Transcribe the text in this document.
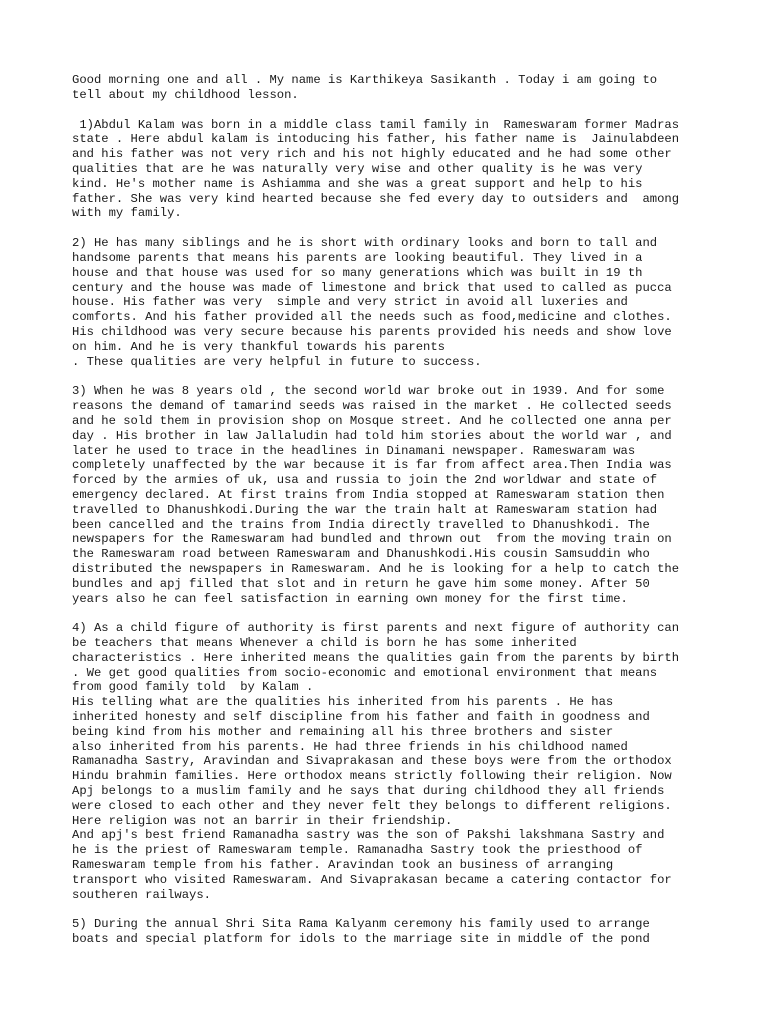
Good morning one and all . My name is Karthikeya Sasikanth . Today i am going to
tell about my childhood lesson.

1)Abdul Kalam was born in a middle class tamil family in  Rameswaram former Madras
state . Here abdul kalam is intoducing his father, his father name is  Jainulabdeen
and his father was not very rich and his not highly educated and he had some other
qualities that are he was naturally very wise and other quality is he was very
kind. He's mother name is Ashiamma and she was a great support and help to his
father. She was very kind hearted because she fed every day to outsiders and  among
with my family.

2) He has many siblings and he is short with ordinary looks and born to tall and
handsome parents that means his parents are looking beautiful. They lived in a
house and that house was used for so many generations which was built in 19 th
century and the house was made of limestone and brick that used to called as pucca
house. His father was very  simple and very strict in avoid all luxeries and
comforts. And his father provided all the needs such as food,medicine and clothes.
His childhood was very secure because his parents provided his needs and show love
on him. And he is very thankful towards his parents
. These qualities are very helpful in future to success.

3) When he was 8 years old , the second world war broke out in 1939. And for some
reasons the demand of tamarind seeds was raised in the market . He collected seeds
and he sold them in provision shop on Mosque street. And he collected one anna per
day . His brother in law Jallaludin had told him stories about the world war , and
later he used to trace in the headlines in Dinamani newspaper. Rameswaram was
completely unaffected by the war because it is far from affect area.Then India was
forced by the armies of uk, usa and russia to join the 2nd worldwar and state of
emergency declared. At first trains from India stopped at Rameswaram station then
travelled to Dhanushkodi.During the war the train halt at Rameswaram station had
been cancelled and the trains from India directly travelled to Dhanushkodi. The
newspapers for the Rameswaram had bundled and thrown out  from the moving train on
the Rameswaram road between Rameswaram and Dhanushkodi.His cousin Samsuddin who
distributed the newspapers in Rameswaram. And he is looking for a help to catch the
bundles and apj filled that slot and in return he gave him some money. After 50
years also he can feel satisfaction in earning own money for the first time.

4) As a child figure of authority is first parents and next figure of authority can
be teachers that means Whenever a child is born he has some inherited
characteristics . Here inherited means the qualities gain from the parents by birth
. We get good qualities from socio-economic and emotional environment that means
from good family told  by Kalam .
His telling what are the qualities his inherited from his parents . He has
inherited honesty and self discipline from his father and faith in goodness and
being kind from his mother and remaining all his three brothers and sister
also inherited from his parents. He had three friends in his childhood named
Ramanadha Sastry, Aravindan and Sivaprakasan and these boys were from the orthodox
Hindu brahmin families. Here orthodox means strictly following their religion. Now
Apj belongs to a muslim family and he says that during childhood they all friends
were closed to each other and they never felt they belongs to different religions.
Here religion was not an barrir in their friendship.
And apj's best friend Ramanadha sastry was the son of Pakshi lakshmana Sastry and
he is the priest of Rameswaram temple. Ramanadha Sastry took the priesthood of
Rameswaram temple from his father. Aravindan took an business of arranging
transport who visited Rameswaram. And Sivaprakasan became a catering contactor for
southeren railways.

5) During the annual Shri Sita Rama Kalyanm ceremony his family used to arrange
boats and special platform for idols to the marriage site in middle of the pond
